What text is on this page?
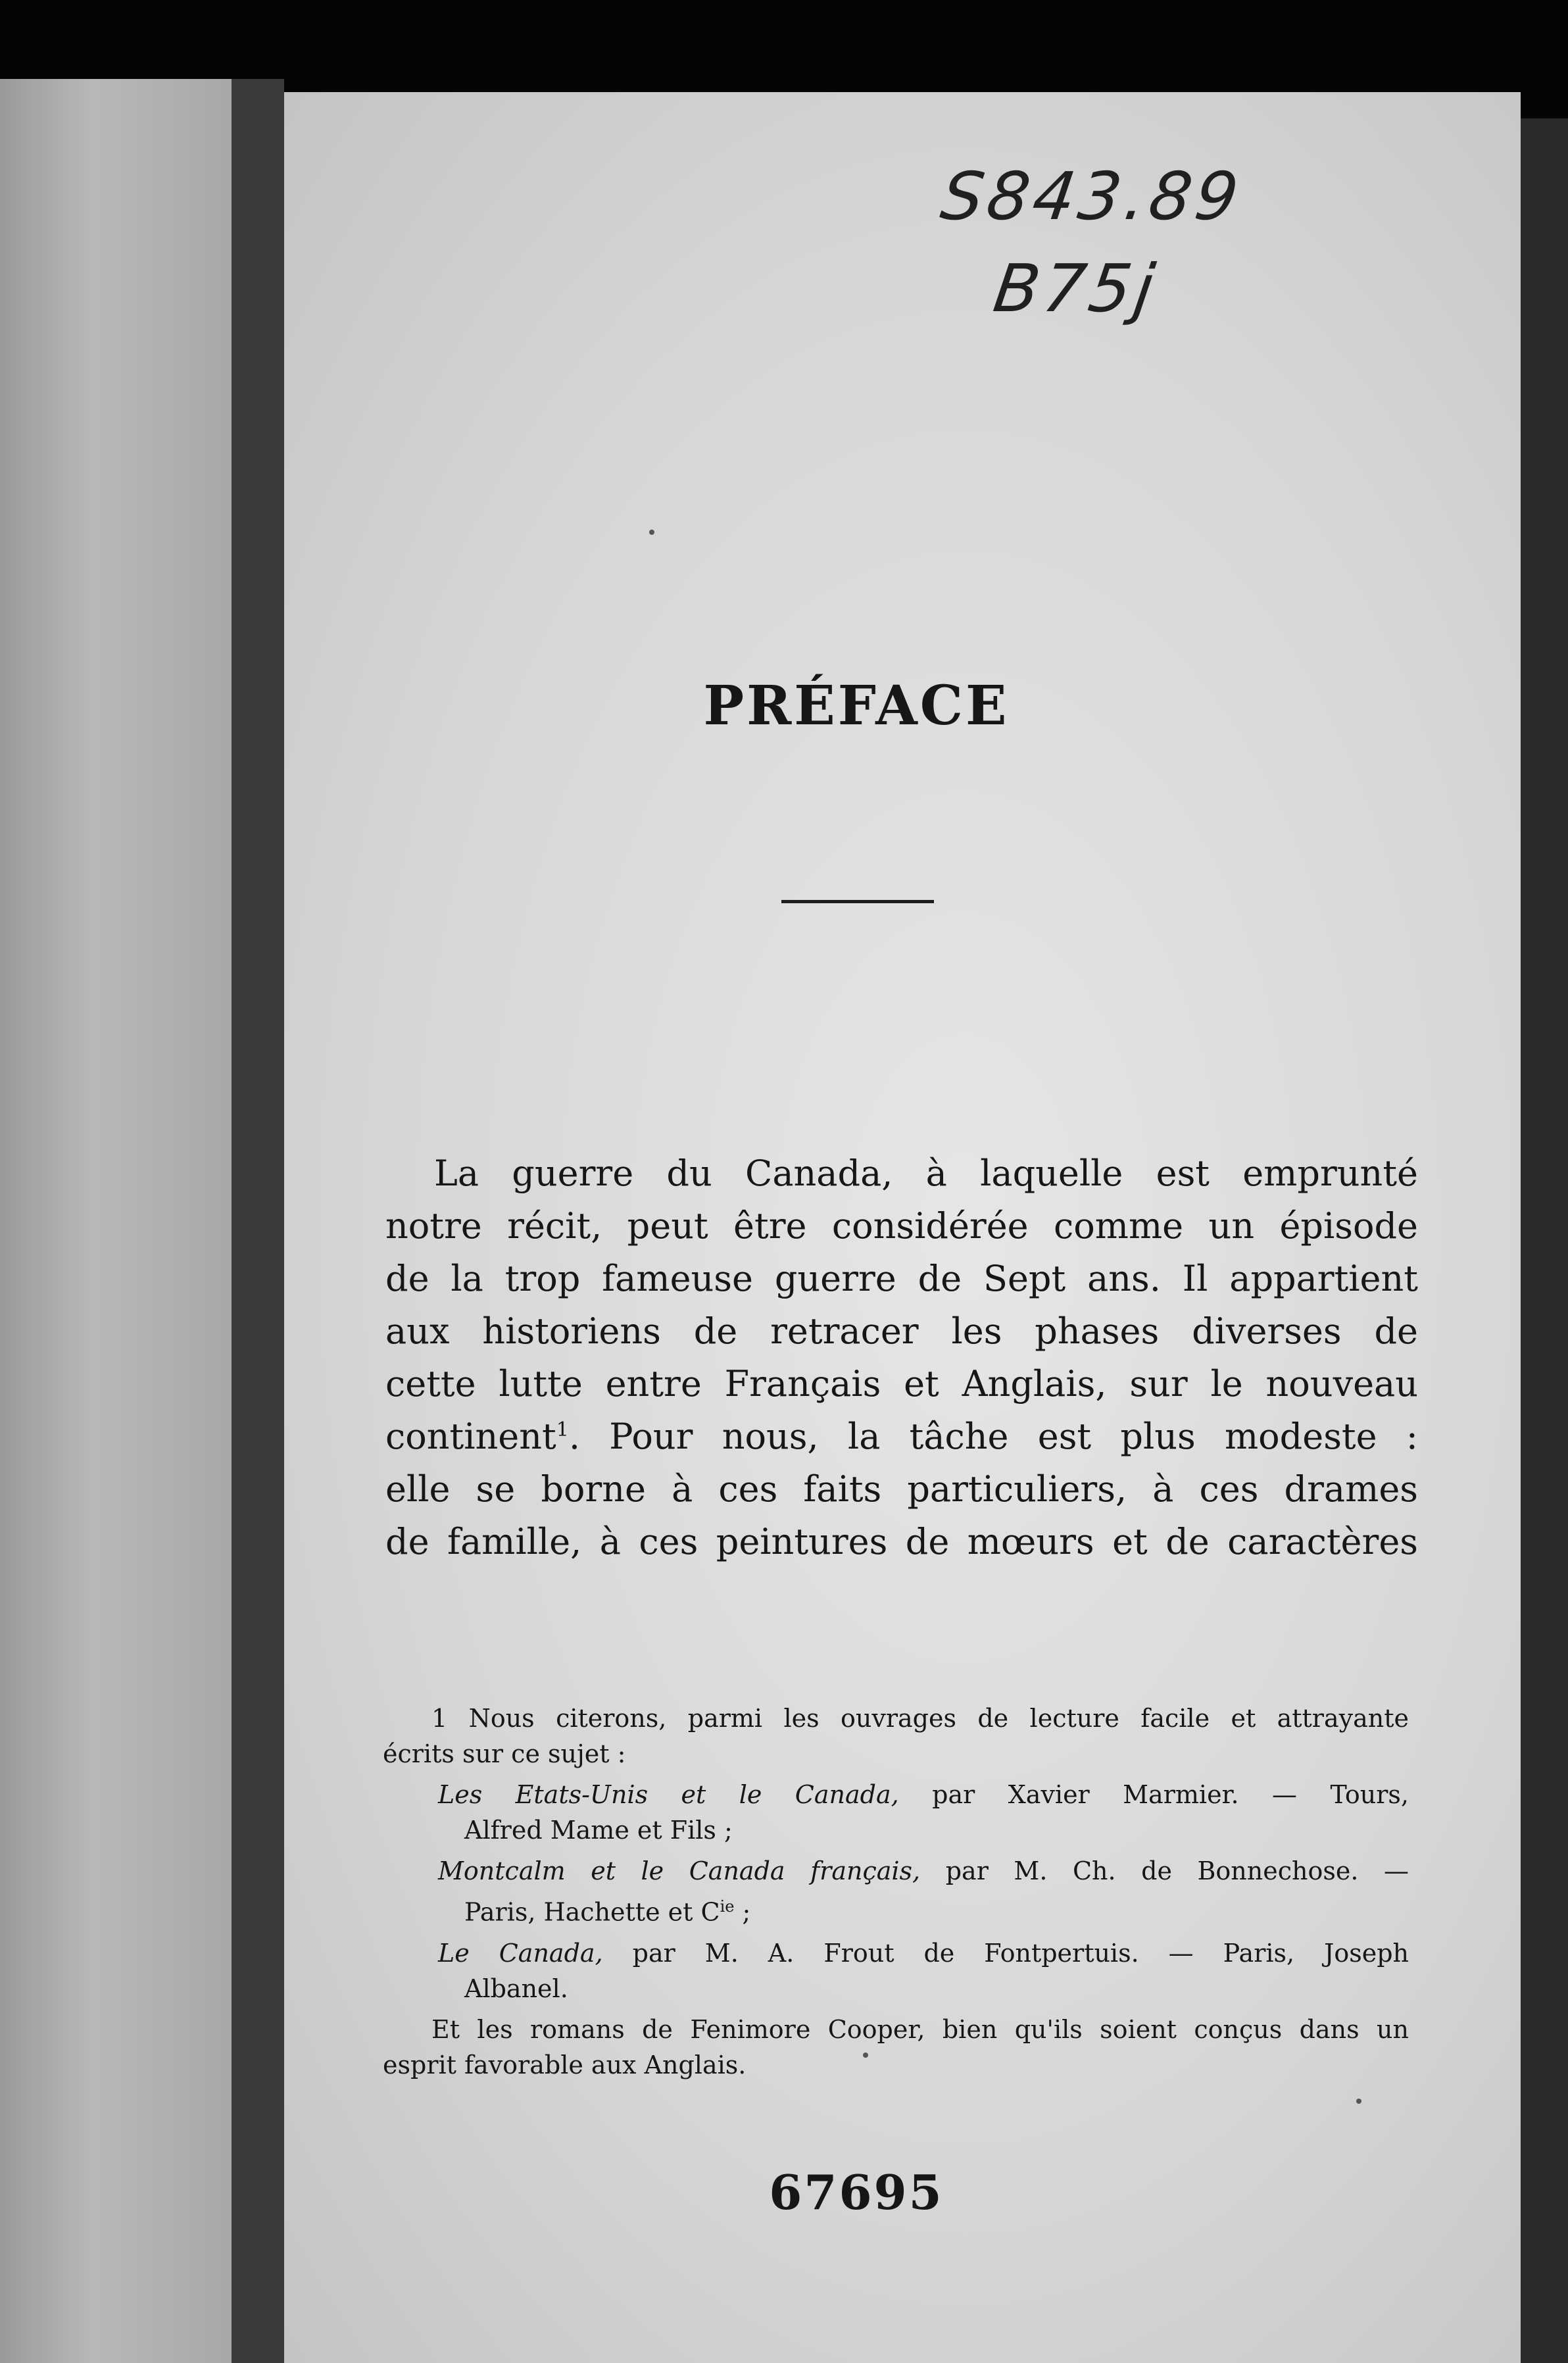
S843.89
B75j
PRÉFACE
La guerre du Canada, à laquelle est emprunté
notre récit, peut être considérée comme un épisode
de la trop fameuse guerre de Sept ans. Il appartient
aux historiens de retracer les phases diverses de
cette lutte entre Français et Anglais, sur le nouveau
continent$^1$. Pour nous, la tâche est plus modeste :
elle se borne à ces faits particuliers, à ces drames
de famille, à ces peintures de mœurs et de caractères
1 Nous citerons, parmi les ouvrages de lecture facile et attrayante
écrits sur ce sujet :
Les Etats-Unis et le Canada, par Xavier Marmier. — Tours,
Alfred Mame et Fils ;
Montcalm et le Canada français, par M. Ch. de Bonnechose. —
Paris, Hachette et $C^{ie}$ ;
Le Canada, par M. A. Frout de Fontpertuis. — Paris, Joseph
Albanel.
Et les romans de Fenimore Cooper, bien qu'ils soient conçus dans un
esprit favorable aux Anglais.
67695
